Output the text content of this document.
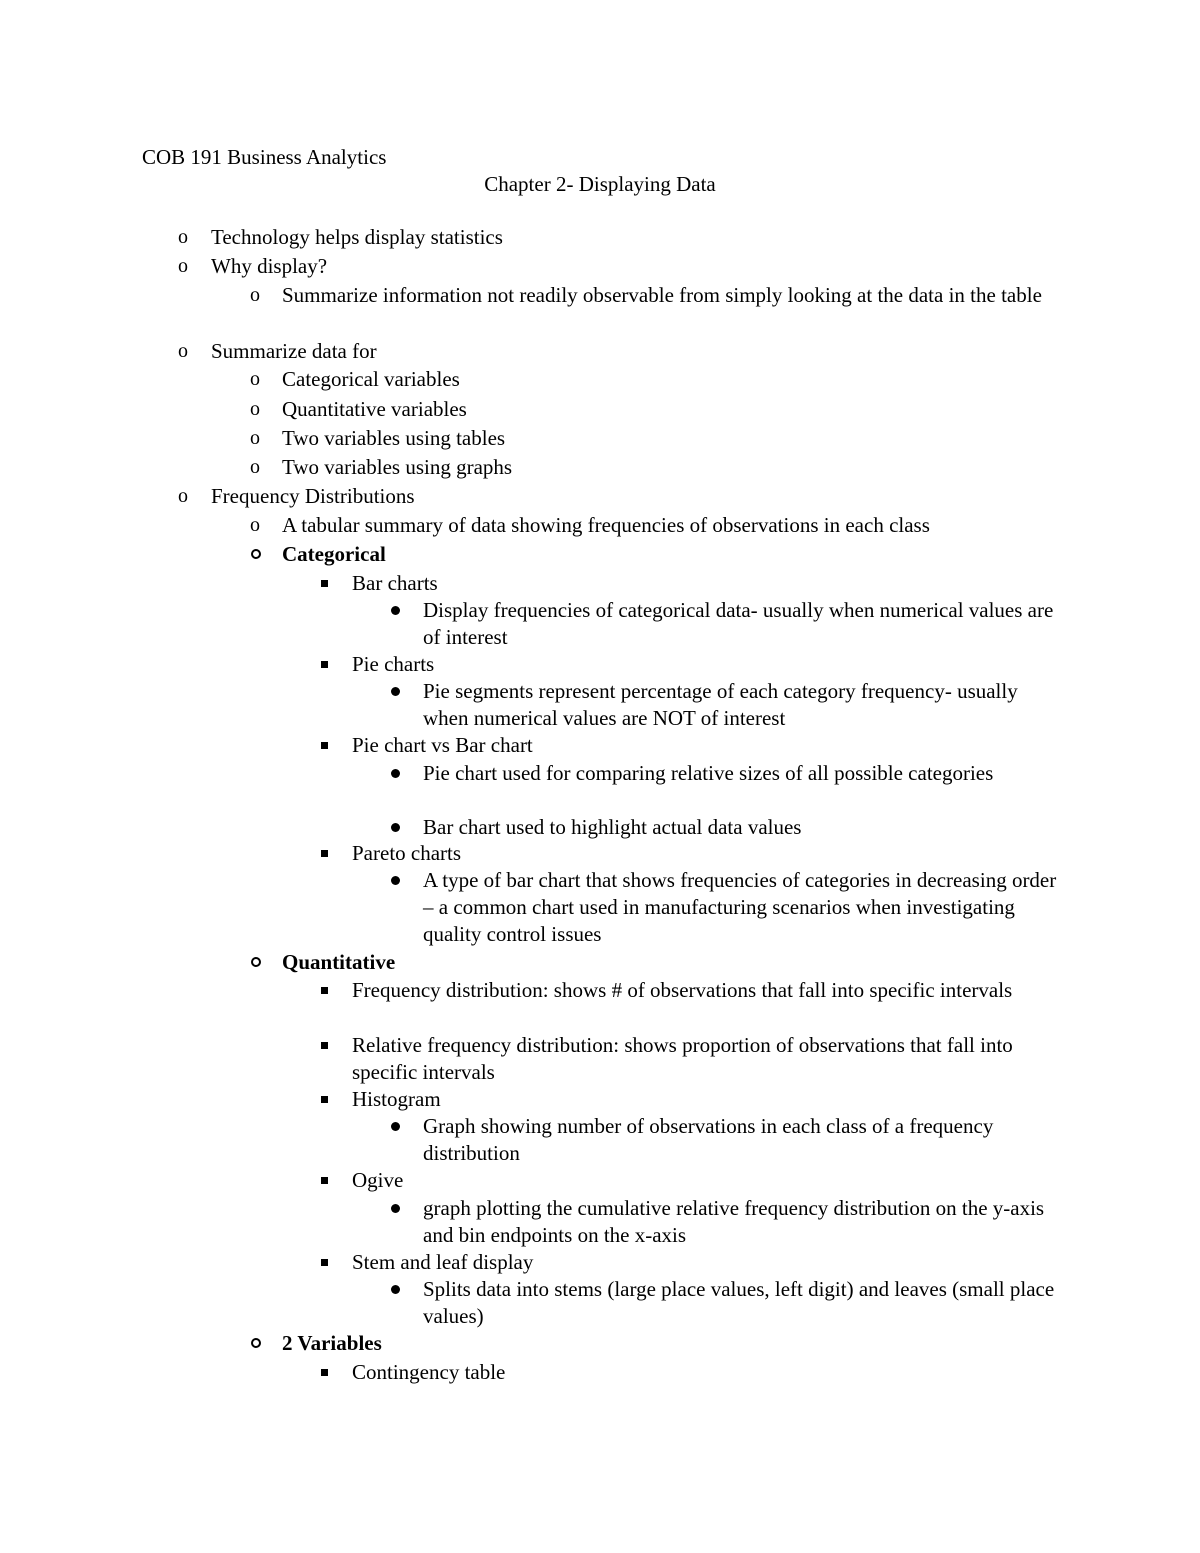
COB 191 Business Analytics
Chapter 2- Displaying Data
o Technology helps display statistics
o Why display?
o Summarize information not readily observable from simply looking at the data in the table
o Summarize data for
o Categorical variables
o Quantitative variables
o Two variables using tables
o Two variables using graphs
o Frequency Distributions
o A tabular summary of data showing frequencies of observations in each class
Categorical
Bar charts
Display frequencies of categorical data- usually when numerical values are of interest
Pie charts
Pie segments represent percentage of each category frequency- usually when numerical values are NOT of interest
Pie chart vs Bar chart
Pie chart used for comparing relative sizes of all possible categories
Bar chart used to highlight actual data values
Pareto charts
A type of bar chart that shows frequencies of categories in decreasing order – a common chart used in manufacturing scenarios when investigating quality control issues
Quantitative
Frequency distribution: shows # of observations that fall into specific intervals
Relative frequency distribution: shows proportion of observations that fall into specific intervals
Histogram
Graph showing number of observations in each class of a frequency distribution
Ogive
graph plotting the cumulative relative frequency distribution on the y-axis and bin endpoints on the x-axis
Stem and leaf display
Splits data into stems (large place values, left digit) and leaves (small place values)
2 Variables
Contingency table
